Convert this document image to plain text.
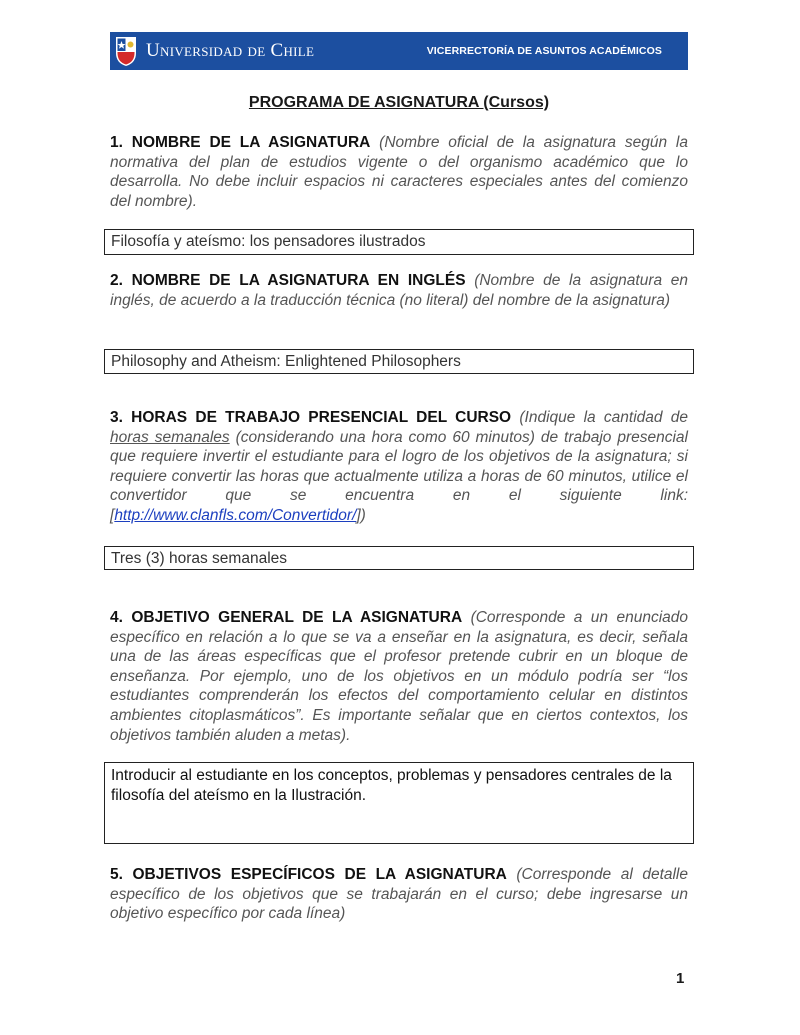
Universidad de Chile	VICERRECTORÍA DE ASUNTOS ACADÉMICOS
PROGRAMA DE ASIGNATURA (Cursos)

1. NOMBRE DE LA ASIGNATURA (Nombre oficial de la asignatura según la normativa del plan de estudios vigente o del organismo académico que lo desarrolla. No debe incluir espacios ni caracteres especiales antes del comienzo del nombre).

Filosofía y ateísmo: los pensadores ilustrados

2. NOMBRE DE LA ASIGNATURA EN INGLÉS (Nombre de la asignatura en inglés, de acuerdo a la traducción técnica (no literal) del nombre de la asignatura)

Philosophy and Atheism: Enlightened Philosophers

3. HORAS DE TRABAJO PRESENCIAL DEL CURSO (Indique la cantidad de horas semanales (considerando una hora como 60 minutos) de trabajo presencial que requiere invertir el estudiante para el logro de los objetivos de la asignatura; si requiere convertir las horas que actualmente utiliza a horas de 60 minutos, utilice el convertidor que se encuentra en el siguiente link: [http://www.clanfls.com/Convertidor/])

Tres (3) horas semanales

4. OBJETIVO GENERAL DE LA ASIGNATURA (Corresponde a un enunciado específico en relación a lo que se va a enseñar en la asignatura, es decir, señala una de las áreas específicas que el profesor pretende cubrir en un bloque de enseñanza. Por ejemplo, uno de los objetivos en un módulo podría ser “los estudiantes comprenderán los efectos del comportamiento celular en distintos ambientes citoplasmáticos”. Es importante señalar que en ciertos contextos, los objetivos también aluden a metas).

Introducir al estudiante en los conceptos, problemas y pensadores centrales de la filosofía del ateísmo en la Ilustración.

5. OBJETIVOS ESPECÍFICOS DE LA ASIGNATURA (Corresponde al detalle específico de los objetivos que se trabajarán en el curso; debe ingresarse un objetivo específico por cada línea)

1
